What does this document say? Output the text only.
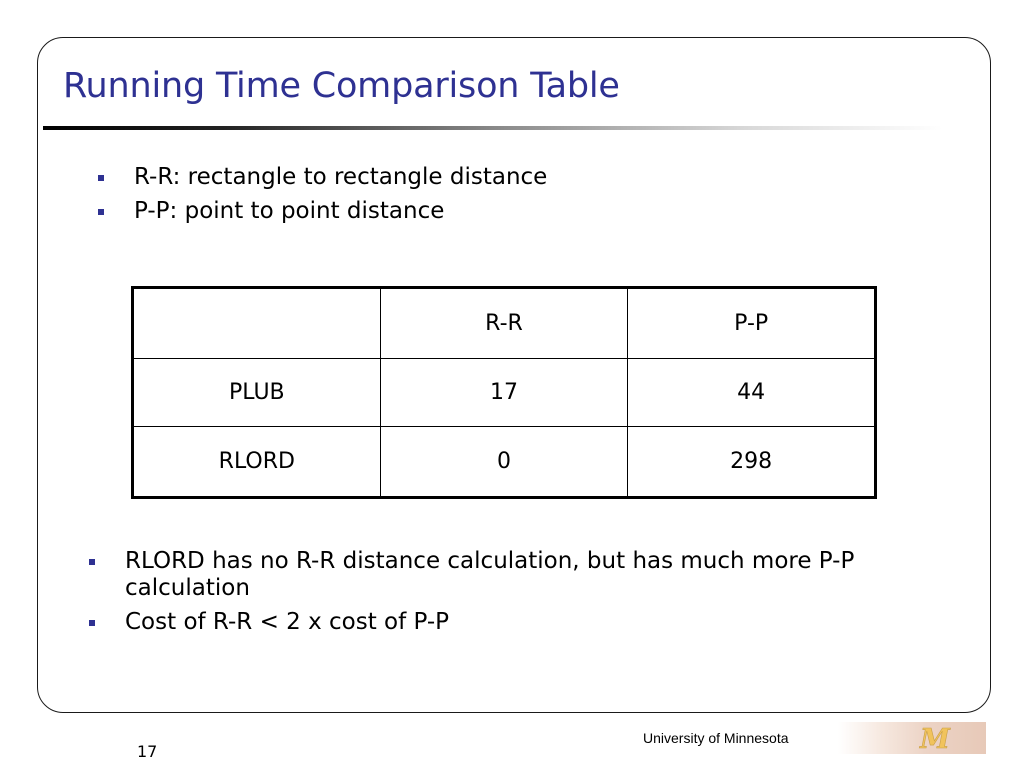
Running Time Comparison Table
R-R: rectangle to rectangle distance
P-P: point to point distance
	R-R	P-P
PLUB	17	44
RLORD	0	298
RLORD has no R-R distance calculation, but has much more P-P
calculation
Cost of R-R < 2 x cost of P-P
M
University of Minnesota
17
